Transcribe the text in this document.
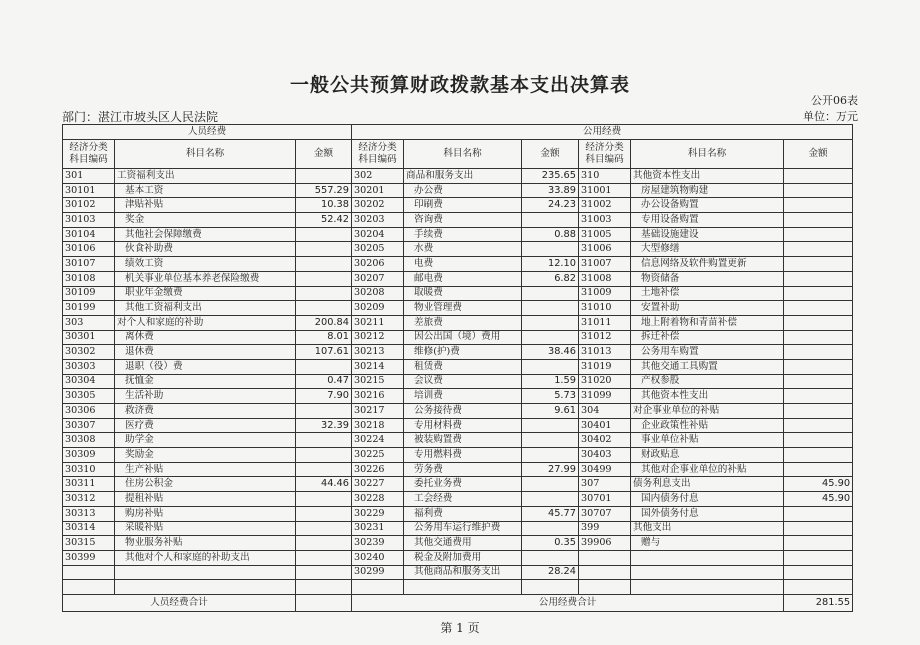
一般公共预算财政拨款基本支出决算表
公开06表
部门：湛江市坡头区人民法院	单位：万元
人员经费			公用经费					
经济分类科目编码	科目名称	金额	经济分类科目编码	科目名称	金额	经济分类科目编码	科目名称	金额
301	工资福利支出		302	商品和服务支出	235.65	310	其他资本性支出	
30101	基本工资	557.29	30201	办公费	33.89	31001	房屋建筑物购建	
30102	津贴补贴	10.38	30202	印刷费	24.23	31002	办公设备购置	
30103	奖金	52.42	30203	咨询费		31003	专用设备购置	
30104	其他社会保障缴费		30204	手续费	0.88	31005	基础设施建设	
30106	伙食补助费		30205	水费		31006	大型修缮	
30107	绩效工资		30206	电费	12.10	31007	信息网络及软件购置更新	
30108	机关事业单位基本养老保险缴费		30207	邮电费	6.82	31008	物资储备	
30109	职业年金缴费		30208	取暖费		31009	土地补偿	
30199	其他工资福利支出		30209	物业管理费		31010	安置补助	
303	对个人和家庭的补助	200.84	30211	差旅费		31011	地上附着物和青苗补偿	
30301	离休费	8.01	30212	因公出国（境）费用		31012	拆迁补偿	
30302	退休费	107.61	30213	维修(护)费	38.46	31013	公务用车购置	
30303	退职（役）费		30214	租赁费		31019	其他交通工具购置	
30304	抚恤金	0.47	30215	会议费	1.59	31020	产权参股	
30305	生活补助	7.90	30216	培训费	5.73	31099	其他资本性支出	
30306	救济费		30217	公务接待费	9.61	304	对企事业单位的补贴	
30307	医疗费	32.39	30218	专用材料费		30401	企业政策性补贴	
30308	助学金		30224	被装购置费		30402	事业单位补贴	
30309	奖励金		30225	专用燃料费		30403	财政贴息	
30310	生产补贴		30226	劳务费	27.99	30499	其他对企事业单位的补贴	
30311	住房公积金	44.46	30227	委托业务费		307	债务利息支出	45.90
30312	提租补贴		30228	工会经费		30701	国内债务付息	45.90
30313	购房补贴		30229	福利费	45.77	30707	国外债务付息	
30314	采暖补贴		30231	公务用车运行维护费		399	其他支出	
30315	物业服务补贴		30239	其他交通费用	0.35	39906	赠与	
30399	其他对个人和家庭的补助支出		30240	税金及附加费用				
			30299	其他商品和服务支出	28.24			

人员经费合计			公用经费合计					281.55
第 1 页
